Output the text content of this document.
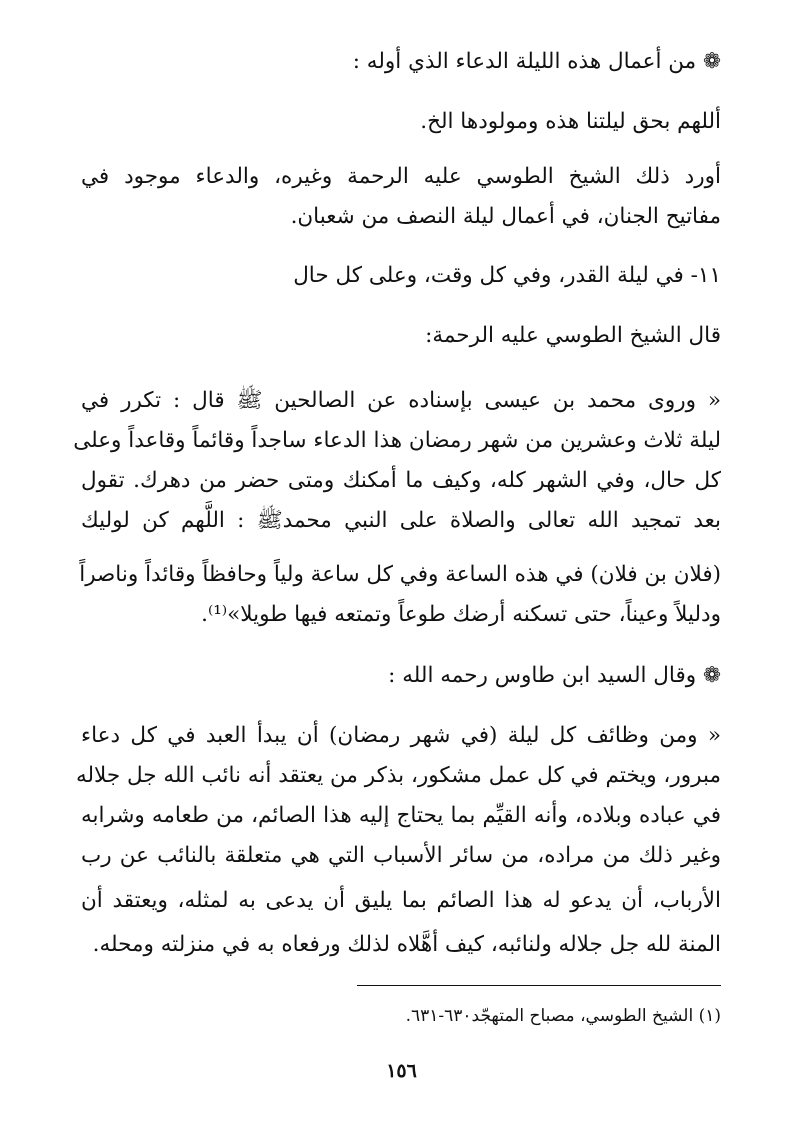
❁ من أعمال هذه الليلة الدعاء الذي أوله :

أللهم بحق ليلتنا هذه ومولودها الخ.

أورد ذلك الشيخ الطوسي عليه الرحمة وغيره، والدعاء موجود في

مفاتيح الجنان، في أعمال ليلة النصف من شعبان.

١١- في ليلة القدر، وفي كل وقت، وعلى كل حال

قال الشيخ الطوسي عليه الرحمة:

« وروى محمد بن عيسى بإسناده عن الصالحين ﷺ قال : تكرر في

ليلة ثلاث وعشرين من شهر رمضان هذا الدعاء ساجداً وقائماً وقاعداً وعلى

كل حال، وفي الشهر كله، وكيف ما أمكنك ومتى حضر من دهرك. تقول

بعد تمجيد الله تعالى والصلاة على النبي محمدﷺ : اللَّهم كن لوليك

(فلان بن فلان) في هذه الساعة وفي كل ساعة ولياً وحافظاً وقائداً وناصراً

ودليلاً وعيناً، حتى تسكنه أرضك طوعاً وتمتعه فيها طويلا»⁽¹⁾.

❁ وقال السيد ابن طاوس رحمه الله :

« ومن وظائف كل ليلة (في شهر رمضان) أن يبدأ العبد في كل دعاء

مبرور، ويختم في كل عمل مشكور، بذكر من يعتقد أنه نائب الله جل جلاله

في عباده وبلاده، وأنه القيِّم بما يحتاج إليه هذا الصائم، من طعامه وشرابه

وغير ذلك من مراده، من سائر الأسباب التي هي متعلقة بالنائب عن رب

الأرباب، أن يدعو له هذا الصائم بما يليق أن يدعى به لمثله، ويعتقد أن

المنة لله جل جلاله ولنائبه، كيف أهَّلاه لذلك ورفعاه به في منزلته ومحله.

(١) الشيخ الطوسي، مصباح المتهجّد٦٣٠-٦٣١.

١٥٦
